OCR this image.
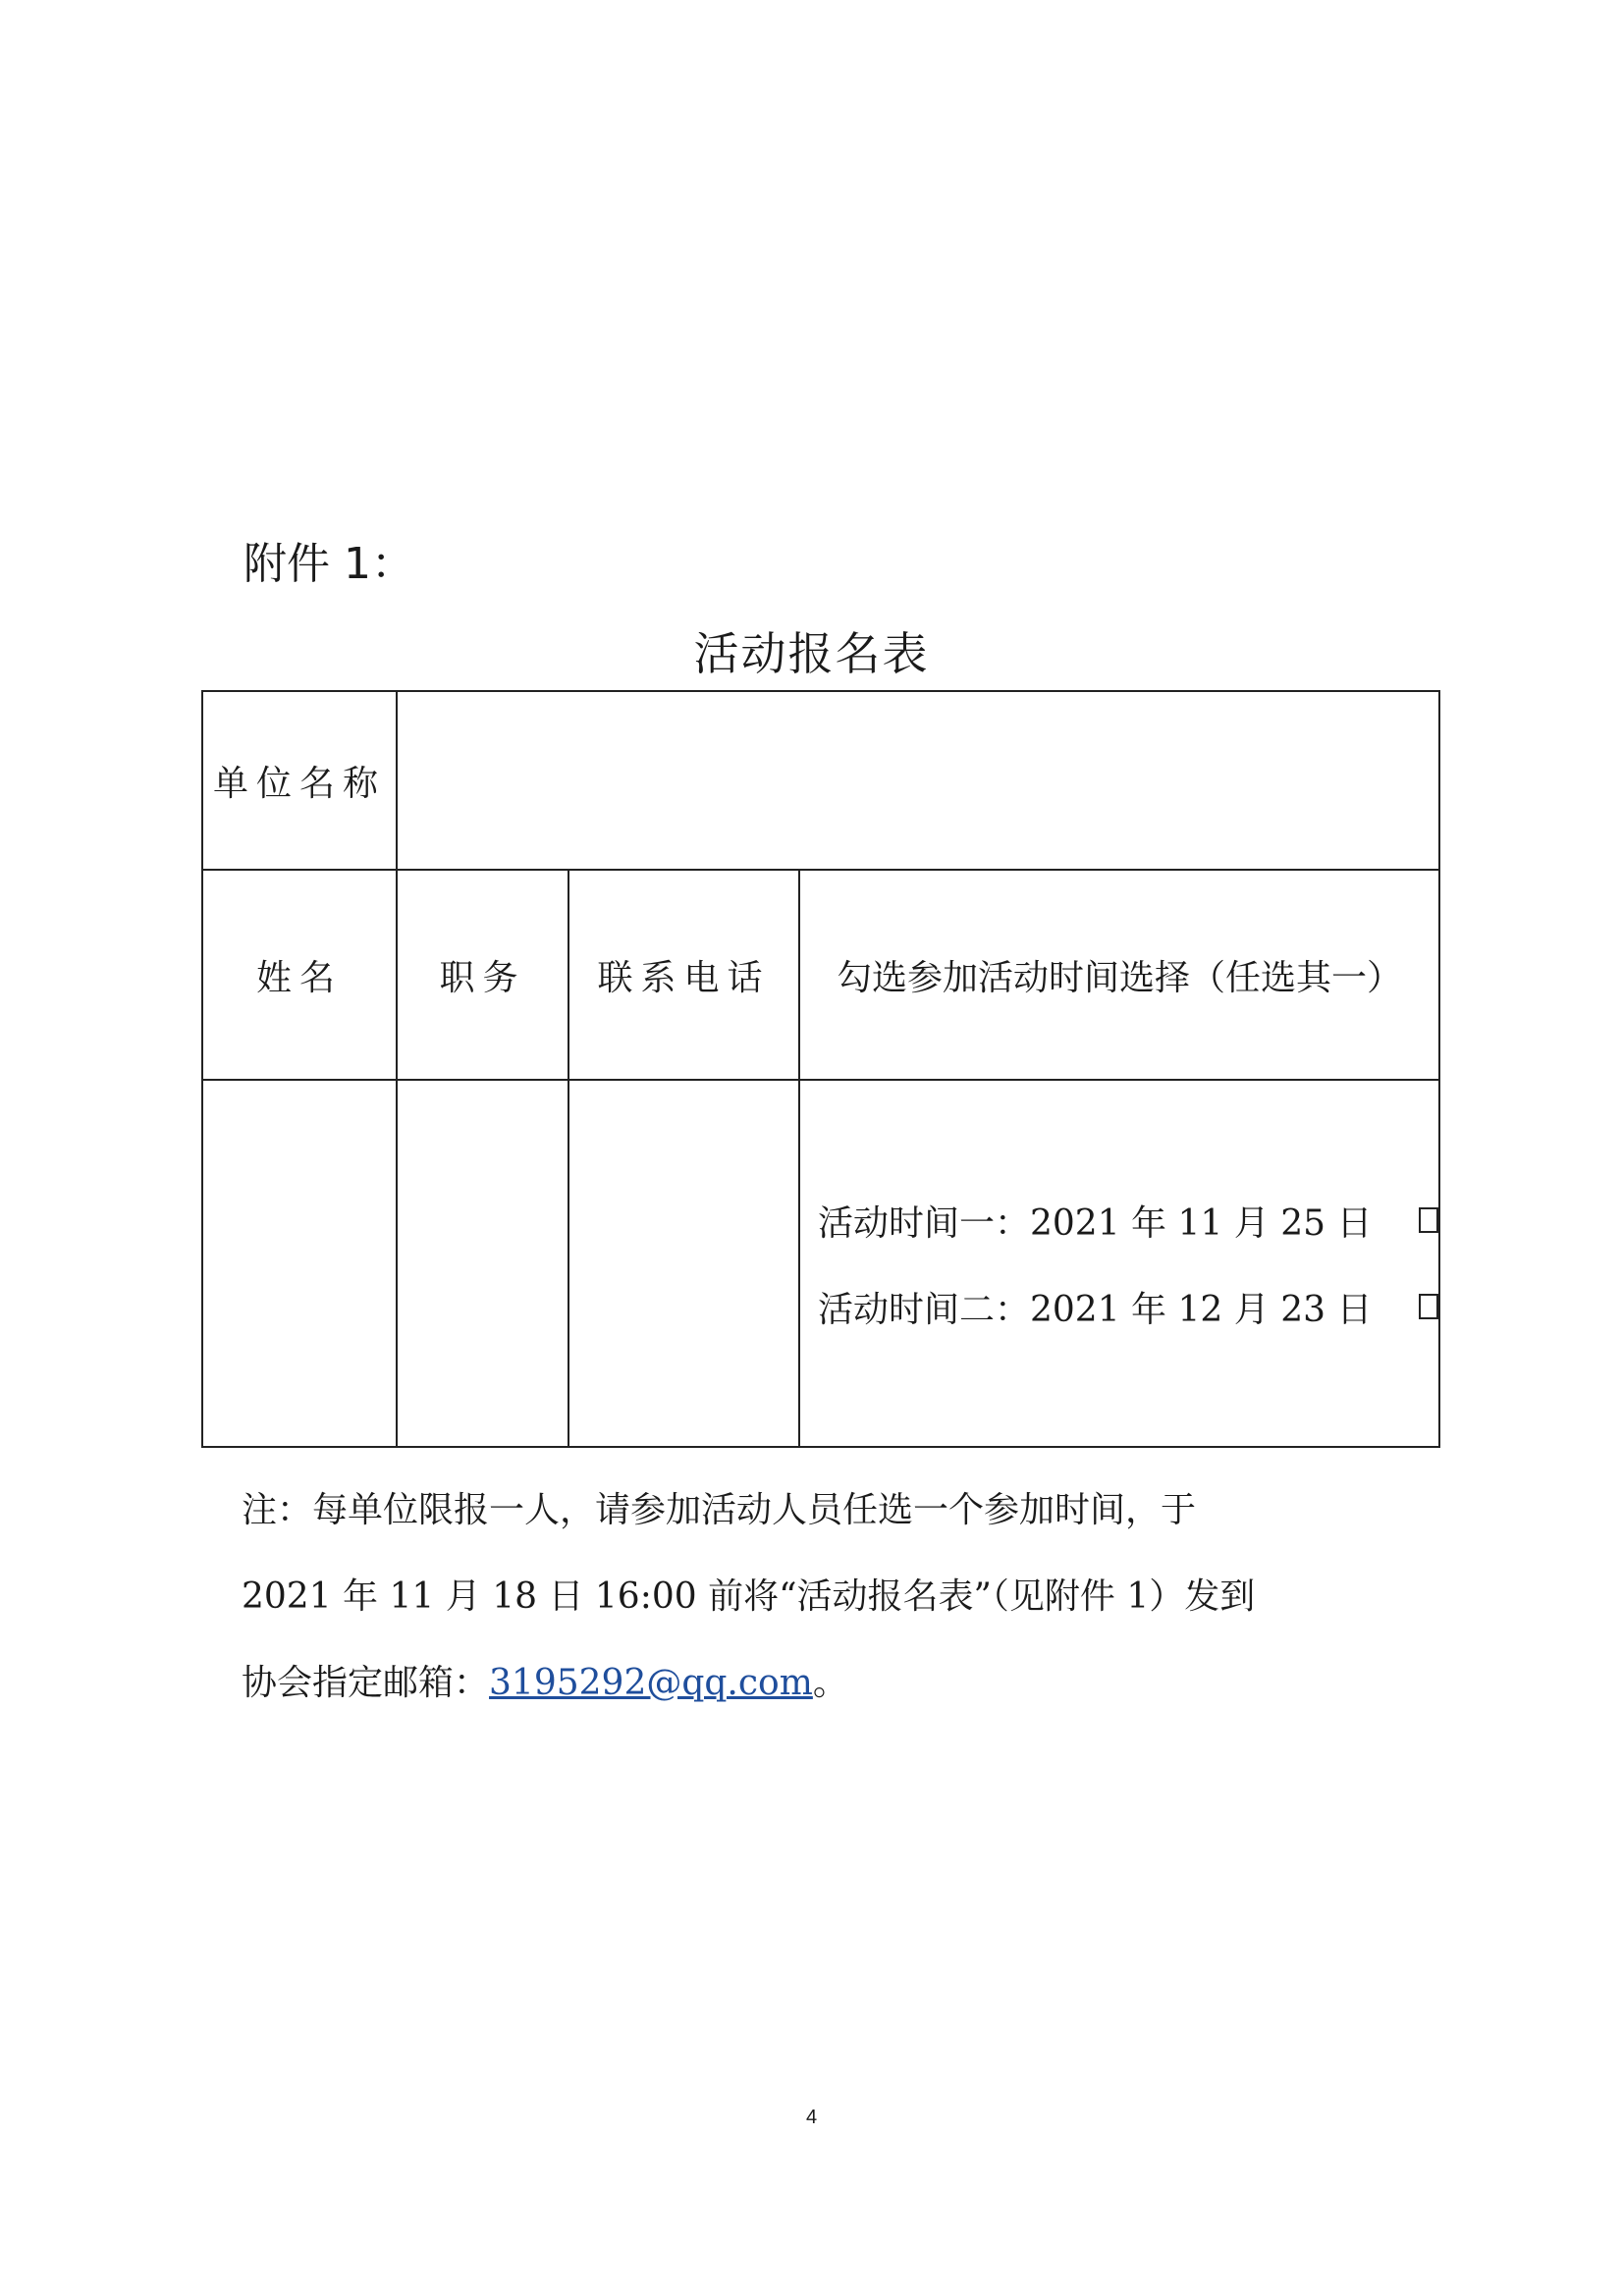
附件 1：
活动报名表
单位名称			
姓名	职务	联系电话	勾选参加活动时间选择（任选其一）

			活动时间一：2021 年 11 月 25 日
活动时间二：2021 年 12 月 23 日

注：每单位限报一人，请参加活动人员任选一个参加时间，于

2021 年 11 月 18 日 16:00 前将“活动报名表”（见附件 1）发到

协会指定邮箱：3195292@qq.com。

4
